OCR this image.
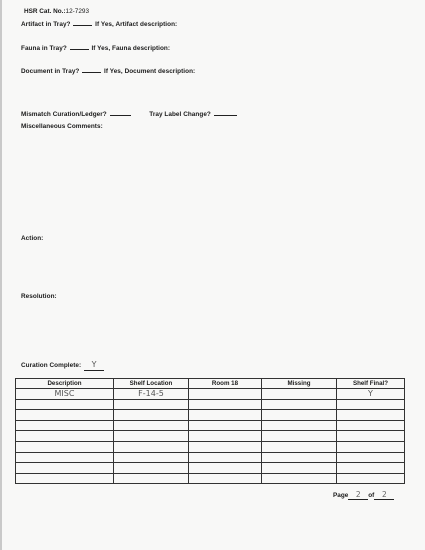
HSR Cat. No.:12-7293
Artifact in Tray?	If Yes, Artifact description:
Fauna in Tray?	If Yes, Fauna description:
Document in Tray?	If Yes, Document description:
Mismatch Curation/Ledger?	Tray Label Change?
Miscellaneous Comments:
Action:
Resolution:
Curation Complete: Y
Description	Shelf Location	Room 18	Missing	Shelf Final?
MISC	F-14-5			Y

Page 2 of 2
